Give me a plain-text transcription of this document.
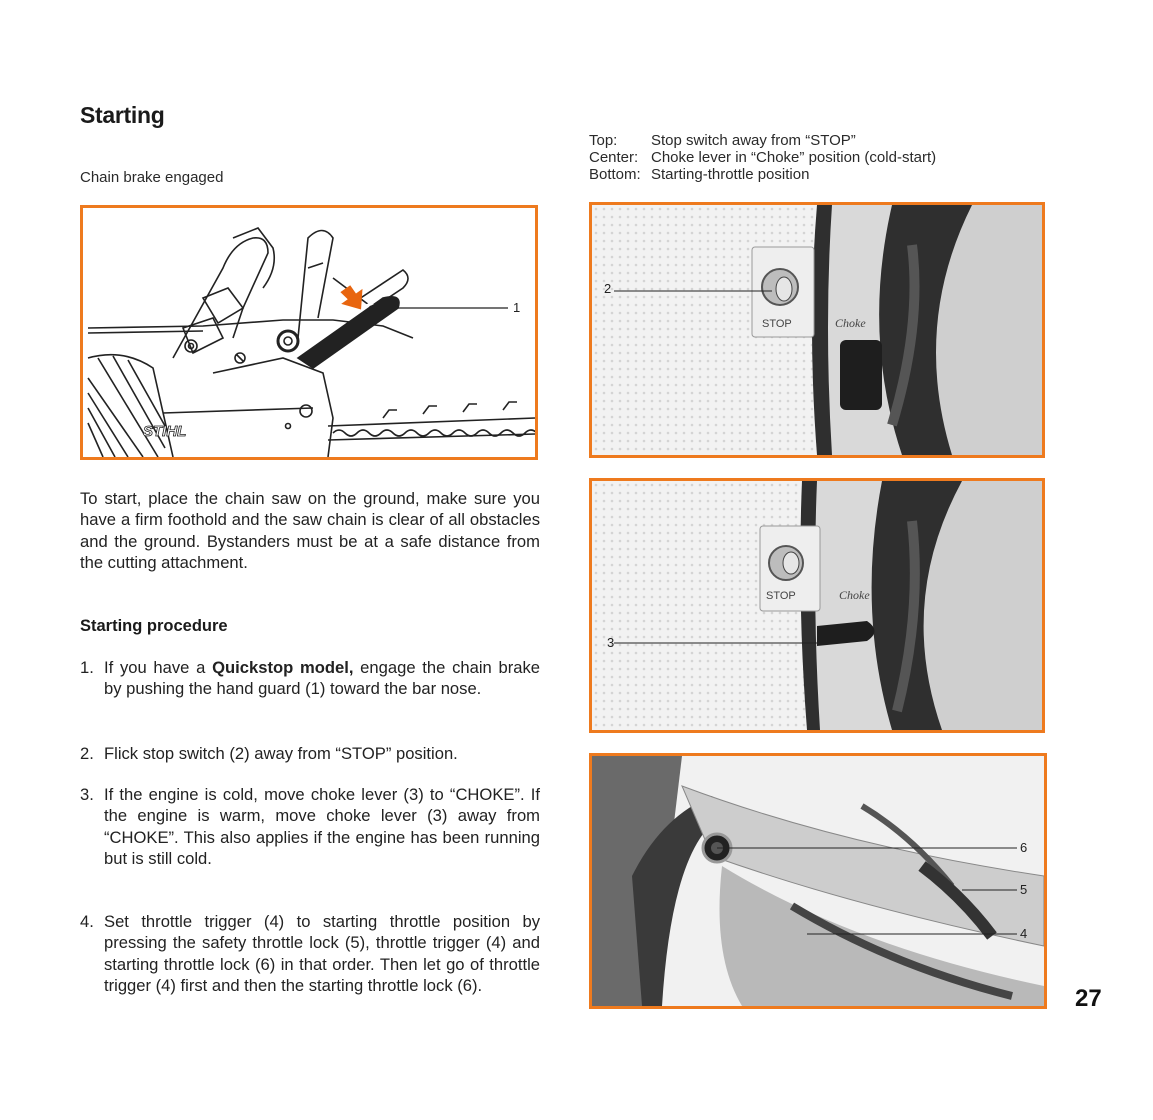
Starting
Chain brake engaged
1
STIHL
To start, place the chain saw on the ground, make sure you have a firm foothold and the saw chain is clear of all obstacles and the ground. Bystanders must be at a safe distance from the cutting attachment.
Starting procedure
1. If you have a Quickstop model, engage the chain brake by pushing the hand guard (1) toward the bar nose.
2. Flick stop switch (2) away from “STOP” position.
3. If the engine is cold, move choke lever (3) to “CHOKE”. If the engine is warm, move choke lever (3) away from “CHOKE”. This also applies if the engine has been running but is still cold.
4. Set throttle trigger (4) to starting throttle position by pressing the safety throttle lock (5), throttle trigger (4) and starting throttle lock (6) in that order. Then let go of throttle trigger (4) first and then the starting throttle lock (6).
Top:	Stop switch away from “STOP”
Center: Choke lever in “Choke” position (cold-start)
Bottom: Starting-throttle position
STOP	Choke
2
STOP	Choke
3
6
5
4
27
